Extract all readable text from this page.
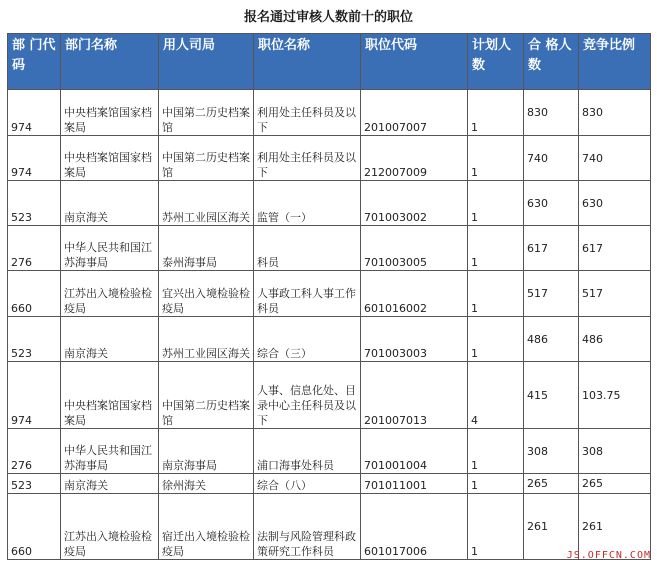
报名通过审核人数前十的职位
部 门代码	部门名称	用人司局	职位名称	职位代码	计划人数	合 格人数	竞争比例
974	中央档案馆国家档案局	中国第二历史档案馆	利用处主任科员及以下	201007007	1	830	830
974	中央档案馆国家档案局	中国第二历史档案馆	利用处主任科员及以下	212007009	1	740	740
523	南京海关	苏州工业园区海关	监管（一）	701003002	1	630	630
276	中华人民共和国江苏海事局	泰州海事局	科员	701003005	1	617	617
660	江苏出入境检验检疫局	宜兴出入境检验检疫局	人事政工科人事工作科员	601016002	1	517	517
523	南京海关	苏州工业园区海关	综合（三）	701003003	1	486	486
974	中央档案馆国家档案局	中国第二历史档案馆	人事、信息化处、目录中心主任科员及以下	201007013	4	415	103.75
276	中华人民共和国江苏海事局	南京海事局	浦口海事处科员	701001004	1	308	308
523	南京海关	徐州海关	综合（八）	701011001	1	265	265
660	江苏出入境检验检疫局	宿迁出入境检验检疫局	法制与风险管理科政策研究工作科员	601017006	1	261	261
JS.OFFCN.COM
